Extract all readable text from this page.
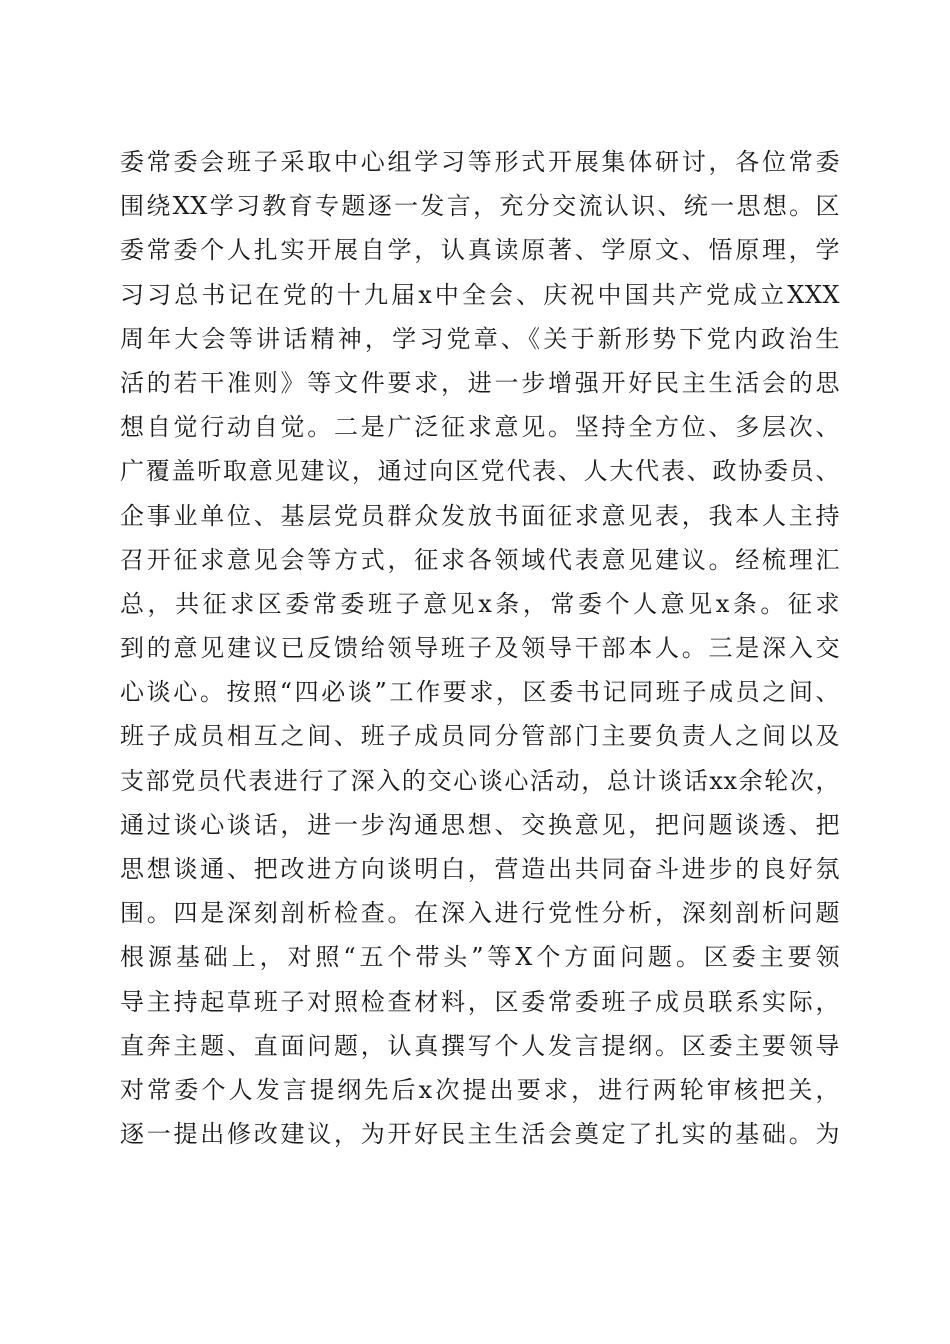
委常委会班子采取中心组学习等形式开展集体研讨，各位常委
围绕XX学习教育专题逐一发言，充分交流认识、统一思想。区
委常委个人扎实开展自学，认真读原著、学原文、悟原理，学
习习总书记在党的十九届x中全会、庆祝中国共产党成立XXX
周年大会等讲话精神，学习党章、《关于新形势下党内政治生
活的若干准则》等文件要求，进一步增强开好民主生活会的思
想自觉行动自觉。二是广泛征求意见。坚持全方位、多层次、
广覆盖听取意见建议，通过向区党代表、人大代表、政协委员、
企事业单位、基层党员群众发放书面征求意见表，我本人主持
召开征求意见会等方式，征求各领域代表意见建议。经梳理汇
总，共征求区委常委班子意见x条，常委个人意见x条。征求
到的意见建议已反馈给领导班子及领导干部本人。三是深入交
心谈心。按照“四必谈”工作要求，区委书记同班子成员之间、
班子成员相互之间、班子成员同分管部门主要负责人之间以及
支部党员代表进行了深入的交心谈心活动，总计谈话xx余轮次，
通过谈心谈话，进一步沟通思想、交换意见，把问题谈透、把
思想谈通、把改进方向谈明白，营造出共同奋斗进步的良好氛
围。四是深刻剖析检查。在深入进行党性分析，深刻剖析问题
根源基础上，对照“五个带头”等X个方面问题。区委主要领
导主持起草班子对照检查材料，区委常委班子成员联系实际，
直奔主题、直面问题，认真撰写个人发言提纲。区委主要领导
对常委个人发言提纲先后x次提出要求，进行两轮审核把关，
逐一提出修改建议，为开好民主生活会奠定了扎实的基础。为
